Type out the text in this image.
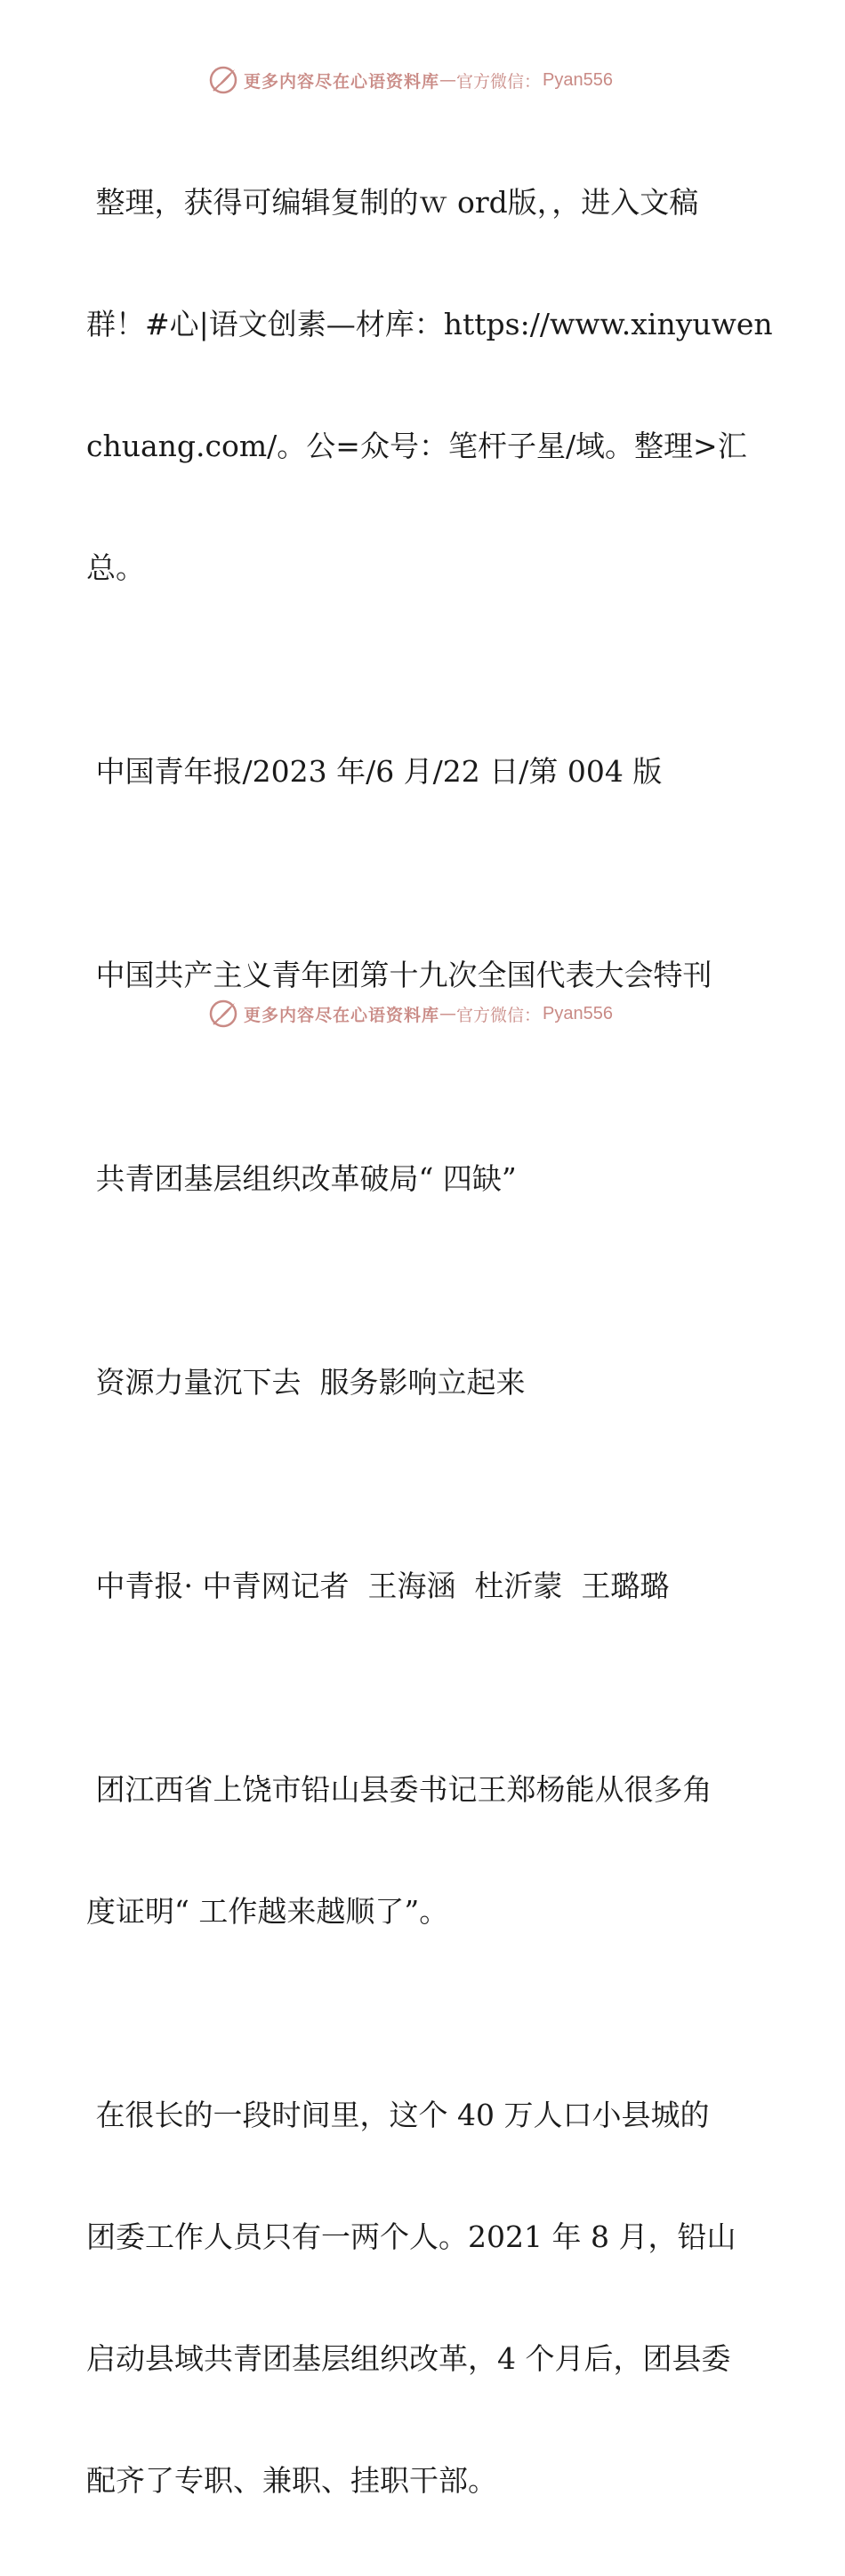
更多内容尽在心语资料库 — 官方微信： Pyan556

整理，获得可编辑复制的ｗ ord版，，进入文稿

群！#心|语文创素—材库：https://www.xinyuwen

chuang.com/。公=众号：笔杆子星/域。整理>汇

总。

中国青年报/2023 年/6 月/22 日/第 004 版

中国共产主义青年团第十九次全国代表大会特刊

共青团基层组织改革破局“ 四缺”

资源力量沉下去  服务影响立起来

中青报· 中青网记者  王海涵  杜沂蒙  王璐璐

团江西省上饶市铅山县委书记王郑杨能从很多角

度证明“ 工作越来越顺了”。

在很长的一段时间里，这个 40 万人口小县城的

团委工作人员只有一两个人。2021 年 8 月，铅山

启动县域共青团基层组织改革，4 个月后，团县委

配齐了专职、兼职、挂职干部。

更多内容尽在心语资料库 — 官方微信： Pyan556
